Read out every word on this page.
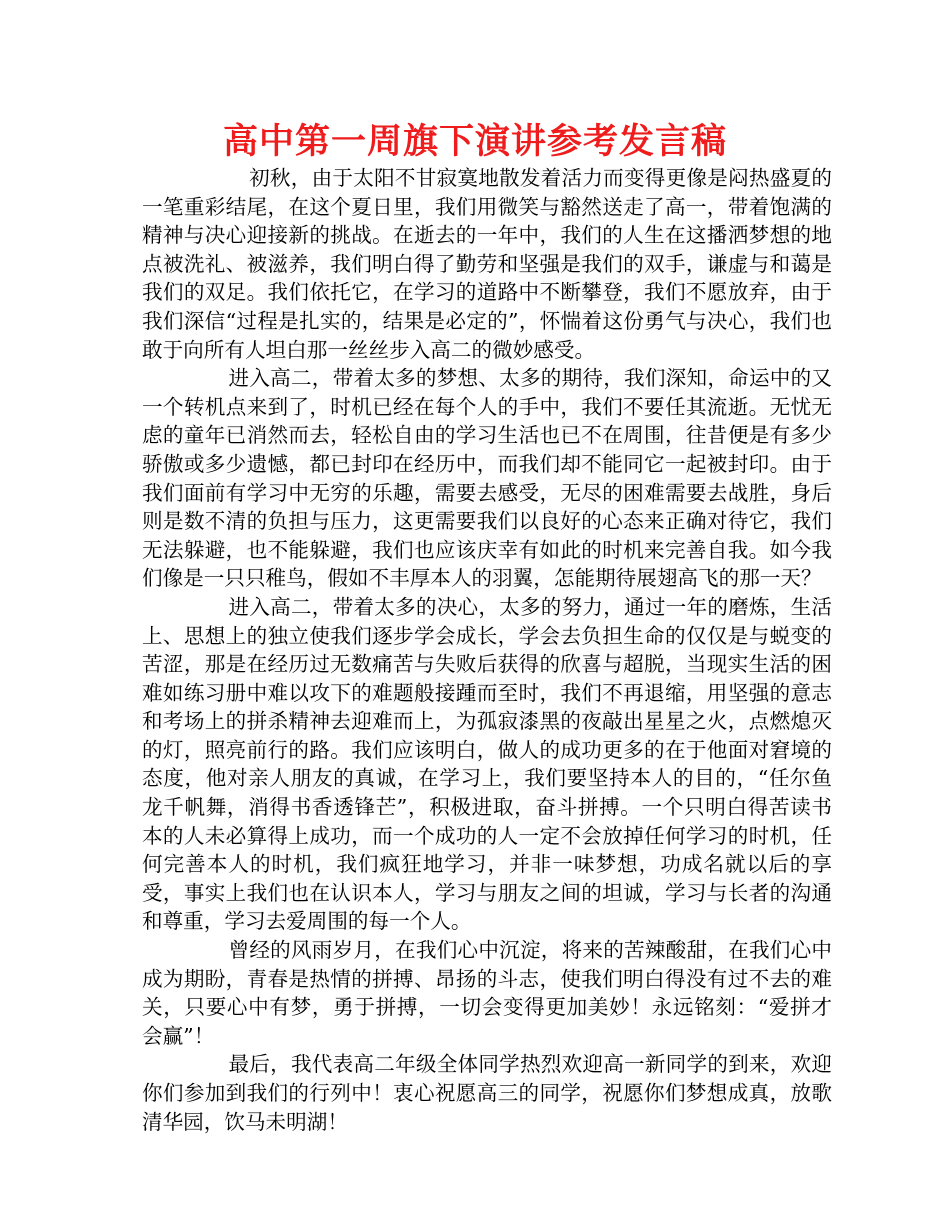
高中第一周旗下演讲参考发言稿

初秋，由于太阳不甘寂寞地散发着活力而变得更像是闷热盛夏的一笔重彩结尾，在这个夏日里，我们用微笑与豁然送走了高一，带着饱满的精神与决心迎接新的挑战。在逝去的一年中，我们的人生在这播洒梦想的地点被洗礼、被滋养，我们明白得了勤劳和坚强是我们的双手，谦虚与和蔼是我们的双足。我们依托它，在学习的道路中不断攀登，我们不愿放弃，由于我们深信“过程是扎实的，结果是必定的”，怀惴着这份勇气与决心，我们也敢于向所有人坦白那一丝丝步入高二的微妙感受。

进入高二，带着太多的梦想、太多的期待，我们深知，命运中的又一个转机点来到了，时机已经在每个人的手中，我们不要任其流逝。无忧无虑的童年已消然而去，轻松自由的学习生活也已不在周围，往昔便是有多少骄傲或多少遗憾，都已封印在经历中，而我们却不能同它一起被封印。由于我们面前有学习中无穷的乐趣，需要去感受，无尽的困难需要去战胜，身后则是数不清的负担与压力，这更需要我们以良好的心态来正确对待它，我们无法躲避，也不能躲避，我们也应该庆幸有如此的时机来完善自我。如今我们像是一只只稚鸟，假如不丰厚本人的羽翼，怎能期待展翅高飞的那一天？

进入高二，带着太多的决心，太多的努力，通过一年的磨炼，生活上、思想上的独立使我们逐步学会成长，学会去负担生命的仅仅是与蜕变的苦涩，那是在经历过无数痛苦与失败后获得的欣喜与超脱，当现实生活的困难如练习册中难以攻下的难题般接踵而至时，我们不再退缩，用坚强的意志和考场上的拼杀精神去迎难而上，为孤寂漆黑的夜敲出星星之火，点燃熄灭的灯，照亮前行的路。我们应该明白，做人的成功更多的在于他面对窘境的态度，他对亲人朋友的真诚，在学习上，我们要坚持本人的目的，“任尔鱼龙千帆舞，消得书香透锋芒”，积极进取，奋斗拼搏。一个只明白得苦读书本的人未必算得上成功，而一个成功的人一定不会放掉任何学习的时机，任何完善本人的时机，我们疯狂地学习，并非一味梦想，功成名就以后的享受，事实上我们也在认识本人，学习与朋友之间的坦诚，学习与长者的沟通和尊重，学习去爱周围的每一个人。

曾经的风雨岁月，在我们心中沉淀，将来的苦辣酸甜，在我们心中成为期盼，青春是热情的拼搏、昂扬的斗志，使我们明白得没有过不去的难关，只要心中有梦，勇于拼搏，一切会变得更加美妙！永远铭刻：“爱拼才会赢”！

最后，我代表高二年级全体同学热烈欢迎高一新同学的到来，欢迎你们参加到我们的行列中！衷心祝愿高三的同学，祝愿你们梦想成真，放歌清华园，饮马未明湖！
